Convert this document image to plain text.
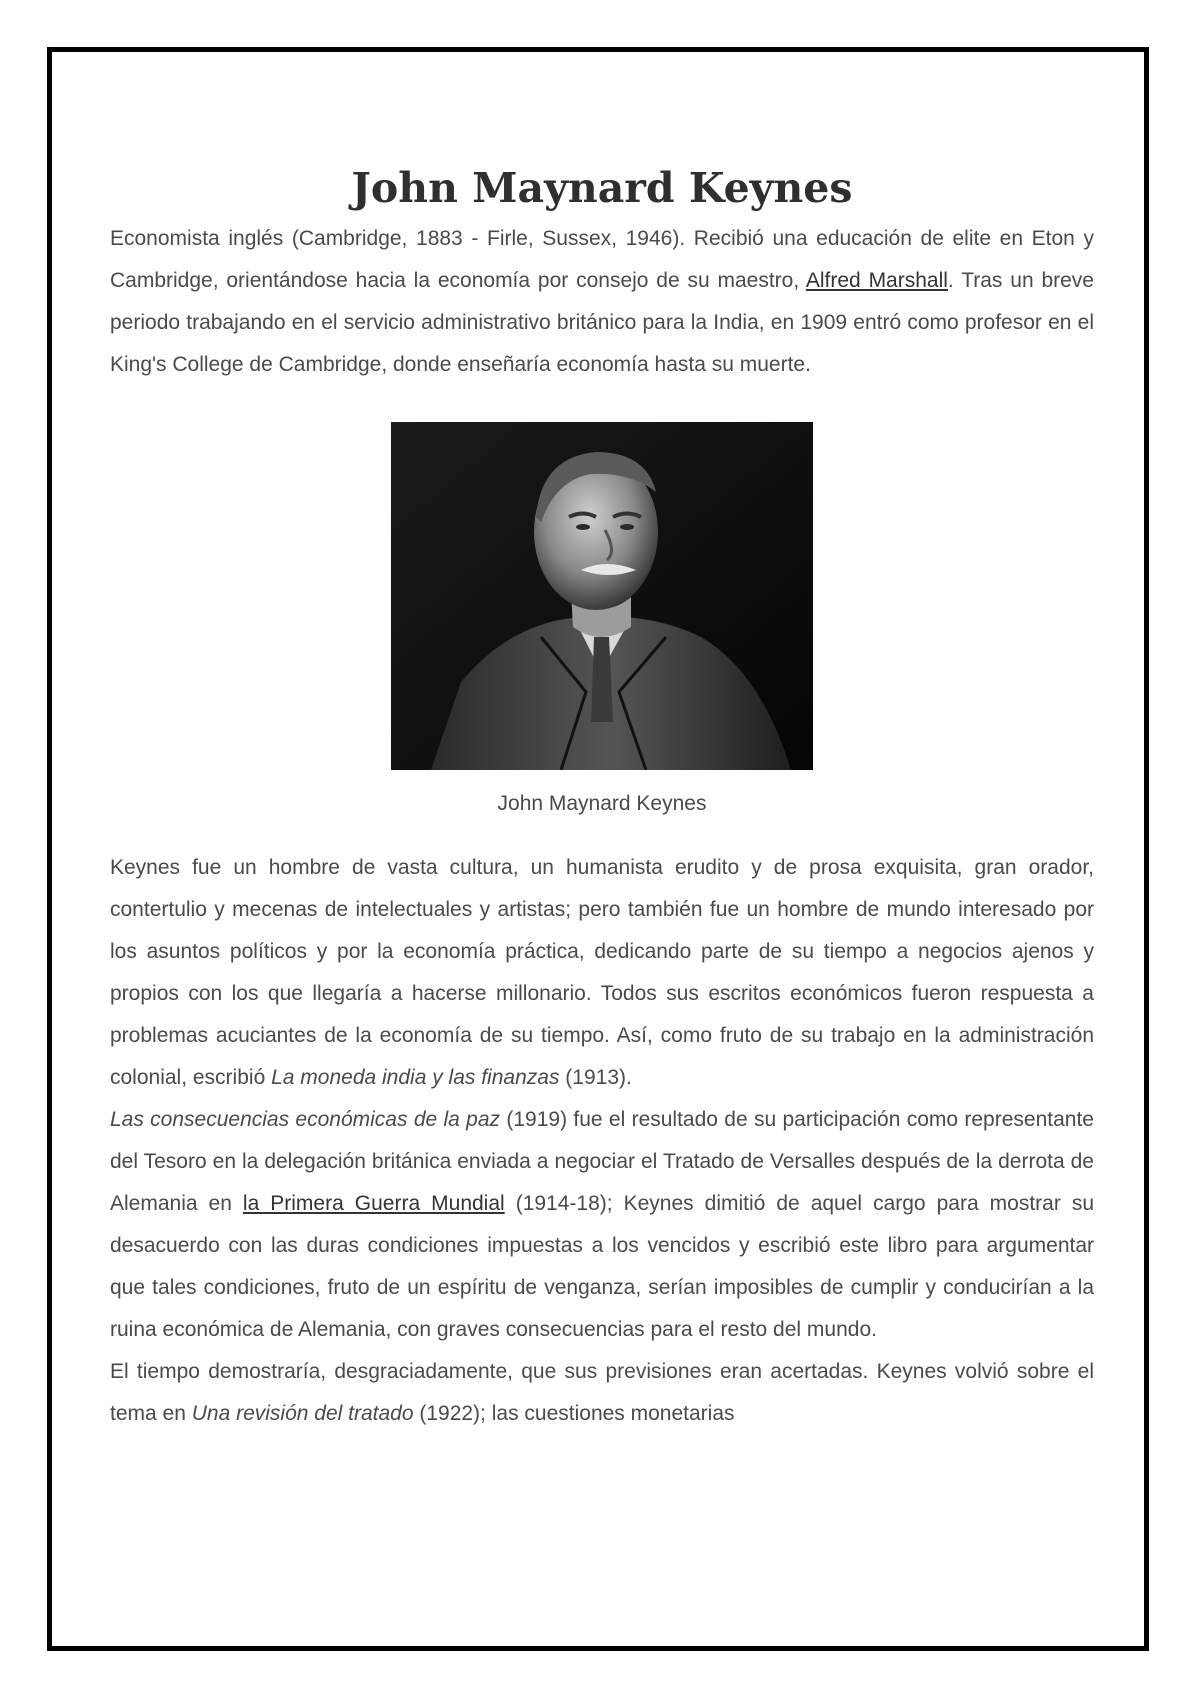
John Maynard Keynes

Economista inglés (Cambridge, 1883 - Firle, Sussex, 1946). Recibió una educación de elite en Eton y Cambridge, orientándose hacia la economía por consejo de su maestro, Alfred Marshall. Tras un breve periodo trabajando en el servicio administrativo británico para la India, en 1909 entró como profesor en el King's College de Cambridge, donde enseñaría economía hasta su muerte.

John Maynard Keynes

Keynes fue un hombre de vasta cultura, un humanista erudito y de prosa exquisita, gran orador, contertulio y mecenas de intelectuales y artistas; pero también fue un hombre de mundo interesado por los asuntos políticos y por la economía práctica, dedicando parte de su tiempo a negocios ajenos y propios con los que llegaría a hacerse millonario. Todos sus escritos económicos fueron respuesta a problemas acuciantes de la economía de su tiempo. Así, como fruto de su trabajo en la administración colonial, escribió La moneda india y las finanzas (1913).

Las consecuencias económicas de la paz (1919) fue el resultado de su participación como representante del Tesoro en la delegación británica enviada a negociar el Tratado de Versalles después de la derrota de Alemania en la Primera Guerra Mundial (1914-18); Keynes dimitió de aquel cargo para mostrar su desacuerdo con las duras condiciones impuestas a los vencidos y escribió este libro para argumentar que tales condiciones, fruto de un espíritu de venganza, serían imposibles de cumplir y conducirían a la ruina económica de Alemania, con graves consecuencias para el resto del mundo.

El tiempo demostraría, desgraciadamente, que sus previsiones eran acertadas. Keynes volvió sobre el tema en Una revisión del tratado (1922); las cuestiones monetarias
